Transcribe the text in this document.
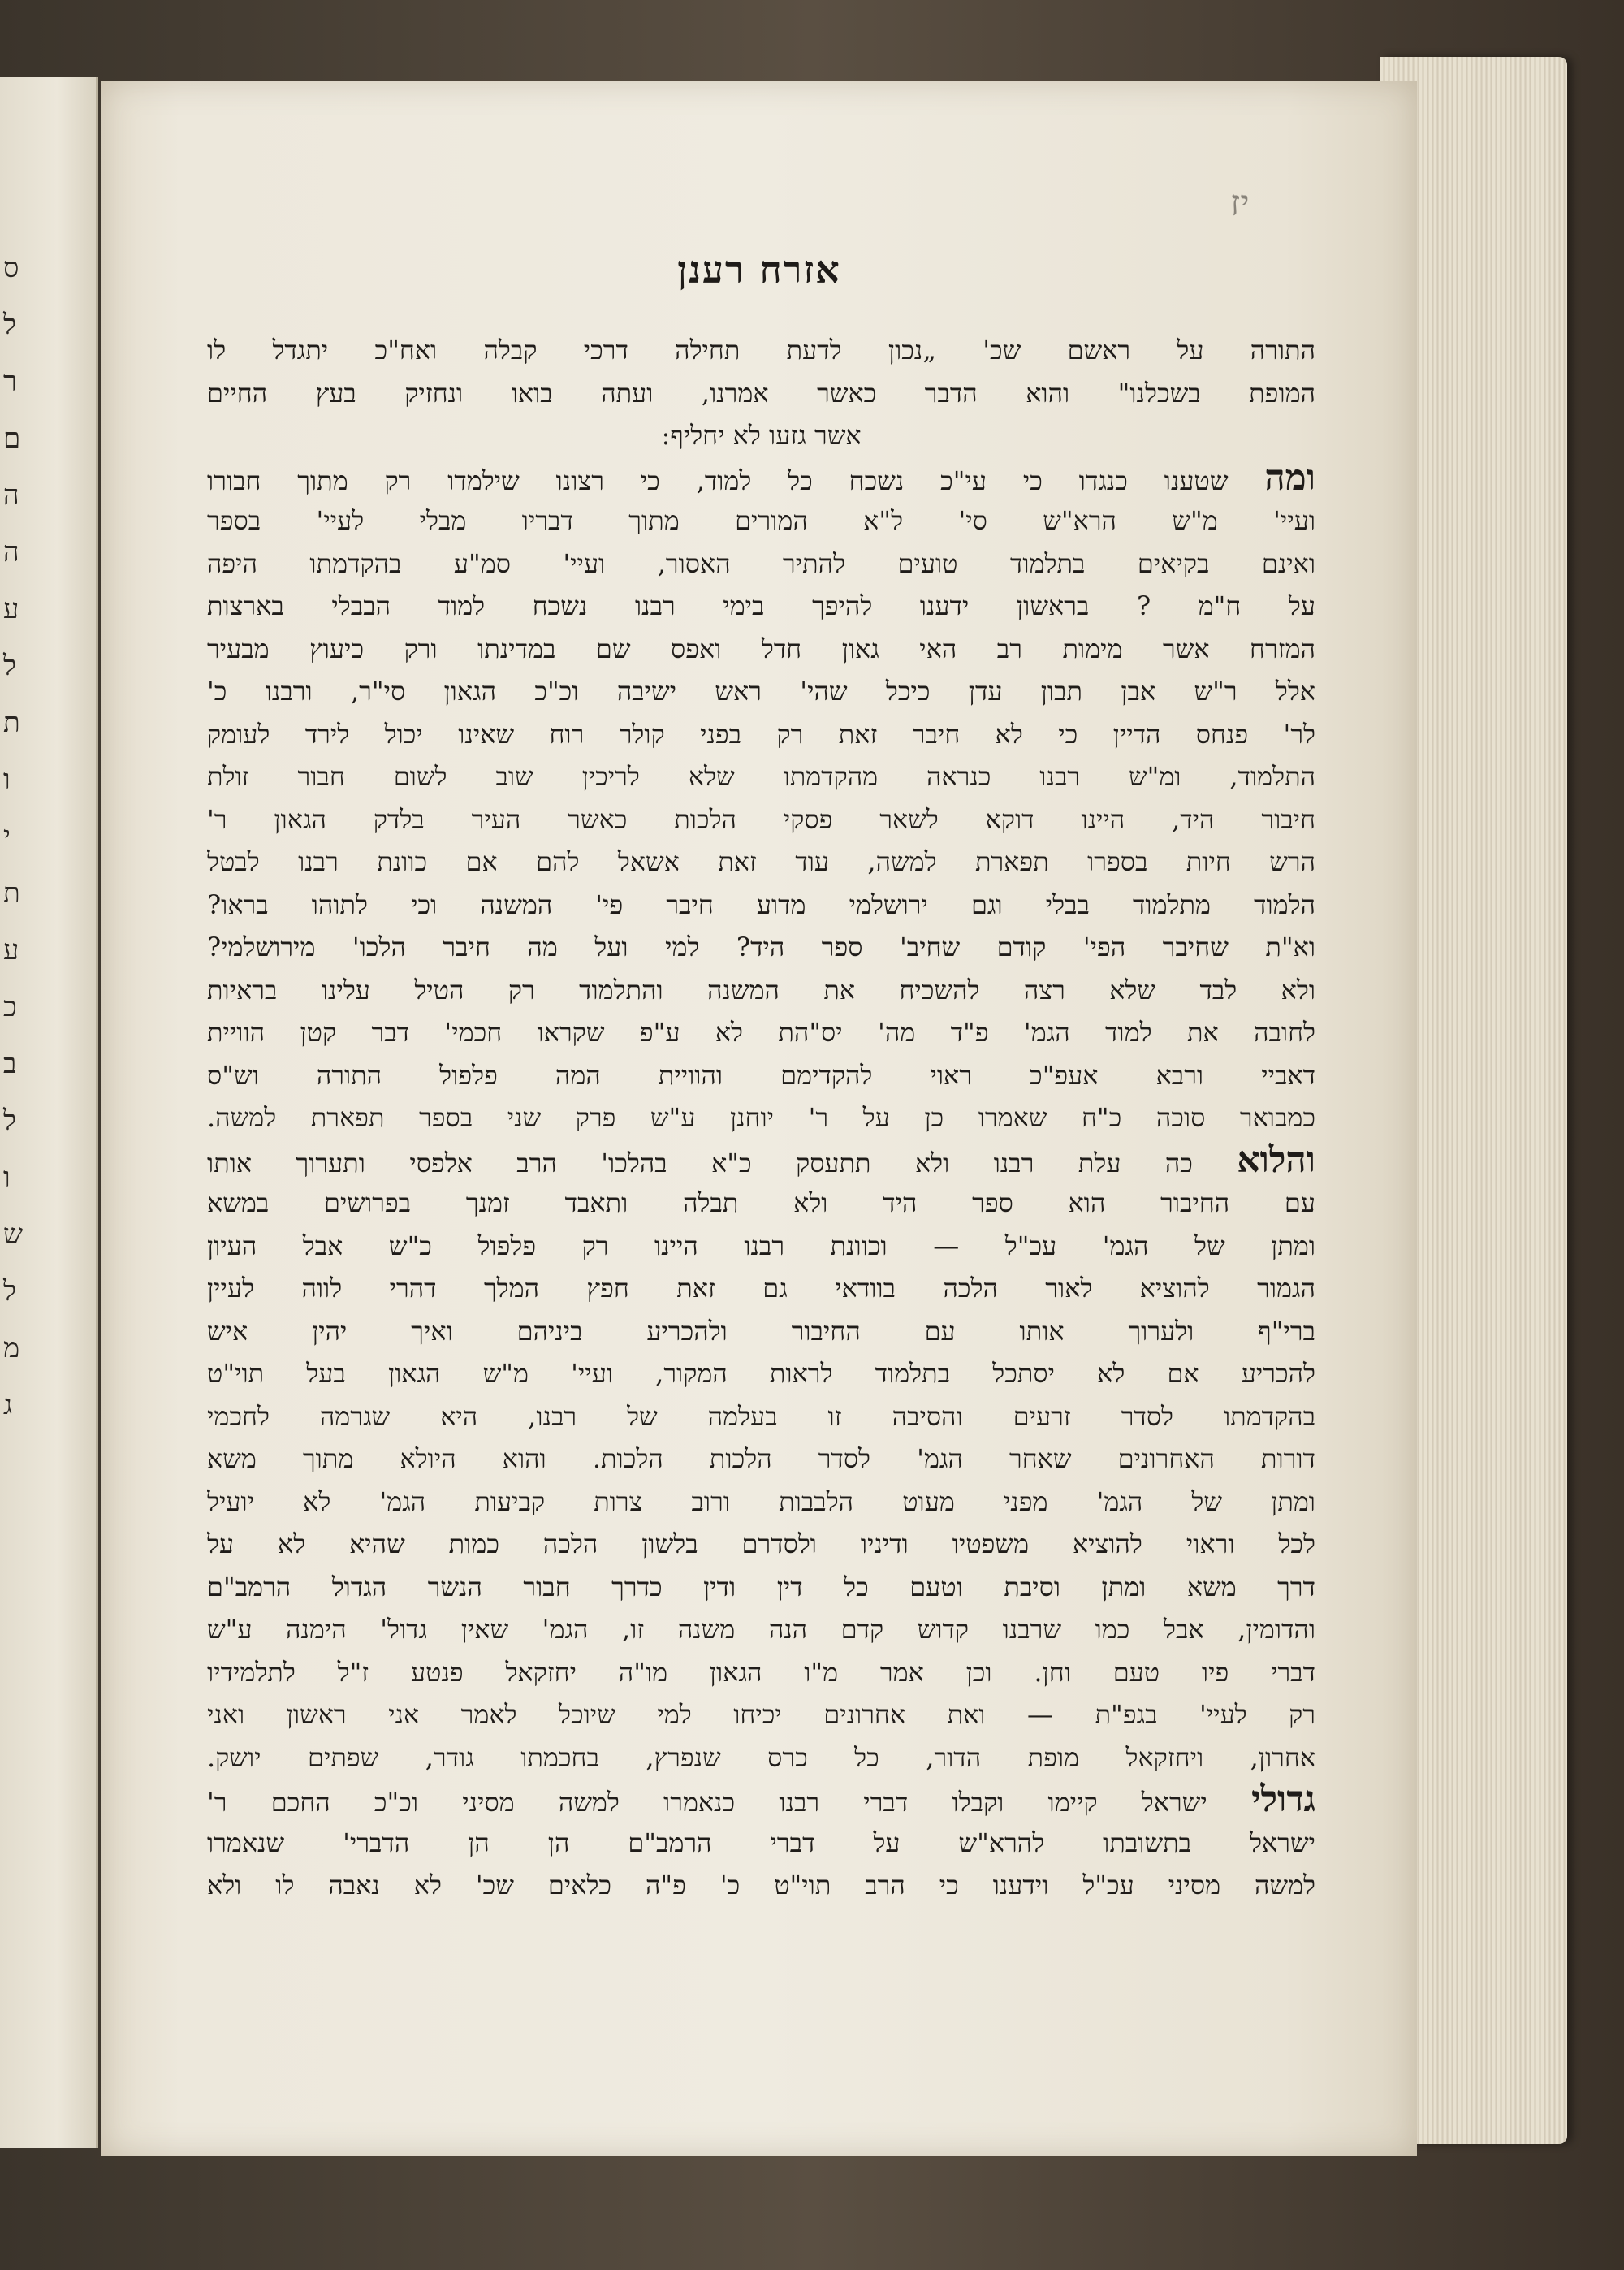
ס
ל
ר
ם
ה
ה
ע
ל
ת
ו
י
ת
ע
כ
ב
ל
ו
ש
ל
מ
ג
יז
אזרח רענן
התורה על ראשם שכ' „נכון לדעת תחילה דרכי קבלה ואח"כ יתגדל לו
המופת בשכלנו" והוא הדבר כאשר אמרנו, ועתה בואו ונחזיק בעץ החיים
אשר גזעו לא יחליף:
ומה שטענו כנגדו כי עי"כ נשכח כל למוד, כי רצונו שילמדו רק מתוך חבורו
ועיי' מ"ש הרא"ש סי' ל"א המורים מתוך דבריו מבלי לעיי' בספר
ואינם בקיאים בתלמוד טועים להתיר האסור, ועיי' סמ"ע בהקדמתו היפה
על ח"מ ? בראשון ידענו להיפך בימי רבנו נשכח למוד הבבלי בארצות
המזרח אשר מימות רב האי גאון חדל ואפס שם במדינתו ורק כיעוץ מבעיר
אלל ר"ש אבן תבון עדן כיכל שהי' ראש ישיבה וכ"כ הגאון סי"ר, ורבנו כ'
לר' פנחס הדיין כי לא חיבר זאת רק בפני קולר רוח שאינו יכול לירד לעומק
התלמוד, ומ"ש רבנו כנראה מהקדמתו שלא לריכין שוב לשום חבור זולת
חיבור היד, היינו דוקא לשאר פסקי הלכות כאשר העיר בלדק הגאון ר'
הרש חיות בספרו תפארת למשה, עוד זאת אשאל להם אם כוונת רבנו לבטל
הלמוד מתלמוד בבלי וגם ירושלמי מדוע חיבר פי' המשנה וכי לתוהו בראו?
וא"ת שחיבר הפי' קודם שחיב' ספר היד? למי ועל מה חיבר הלכו' מירושלמי?
ולא לבד שלא רצה להשכיח את המשנה והתלמוד רק הטיל עלינו בראיות
לחובה את למוד הגמ' פ"ד מה' יס"הת לא ע"פ שקראו חכמי' דבר קטן הוויית
דאביי ורבא אעפ"כ ראוי להקדימם והוויית המה פלפול התורה וש"ס
כמבואר סוכה כ"ח שאמרו כן על ר' יוחנן ע"ש פרק שני בספר תפארת למשה.
והלוא כה עלת רבנו ולא תתעסק כ"א בהלכו' הרב אלפסי ותערוך אותו
עם החיבור הוא ספר היד ולא תבלה ותאבד זמנך בפרושים במשא
ומתן של הגמ' עכ"ל — וכוונת רבנו היינו רק פלפול כ"ש אבל העיון
הגמור להוציא לאור הלכה בוודאי גם זאת חפץ המלך דהרי לווה לעיין
ברי"ף ולערוך אותו עם החיבור ולהכריע ביניהם ואיך יהין איש
להכריע אם לא יסתכל בתלמוד לראות המקור, ועיי' מ"ש הגאון בעל תוי"ט
בהקדמתו לסדר זרעים והסיבה זו בעלמה של רבנו, היא שגרמה לחכמי
דורות האחרונים שאחר הגמ' לסדר הלכות הלכות. והוא היולא מתוך משא
ומתן של הגמ' מפני מעוט הלבבות ורוב צרות קביעות הגמ' לא יועיל
לכל וראוי להוציא משפטיו ודיניו ולסדרם בלשון הלכה כמות שהיא לא על
דרך משא ומתן וסיבת וטעם כל דין ודין כדרך חבור הנשר הגדול הרמב"ם
והדומין, אבל כמו שרבנו קדוש קדם הנה משנה זו, הגמ' שאין גדול' הימנה ע"ש
דברי פיו טעם וחן. וכן אמר מ"ו הגאון מו"ה יחזקאל פנטע ז"ל לתלמידיו
רק לעיי' בגפ"ת — ואת אחרונים יכיחו למי שיוכל לאמר אני ראשון ואני
אחרון, ויחזקאל מופת הדור, כל כרס שנפרץ, בחכמתו גודר, שפתים יושק.
גדולי ישראל קיימו וקבלו דברי רבנו כנאמרו למשה מסיני וכ"כ החכם ר'
ישראל בתשובתו להרא"ש על דברי הרמב"ם הן הן הדברי' שנאמרו
למשה מסיני עכ"ל וידענו כי הרב תוי"ט כ' פ"ה כלאים שכ' לא נאבה לו ולא
